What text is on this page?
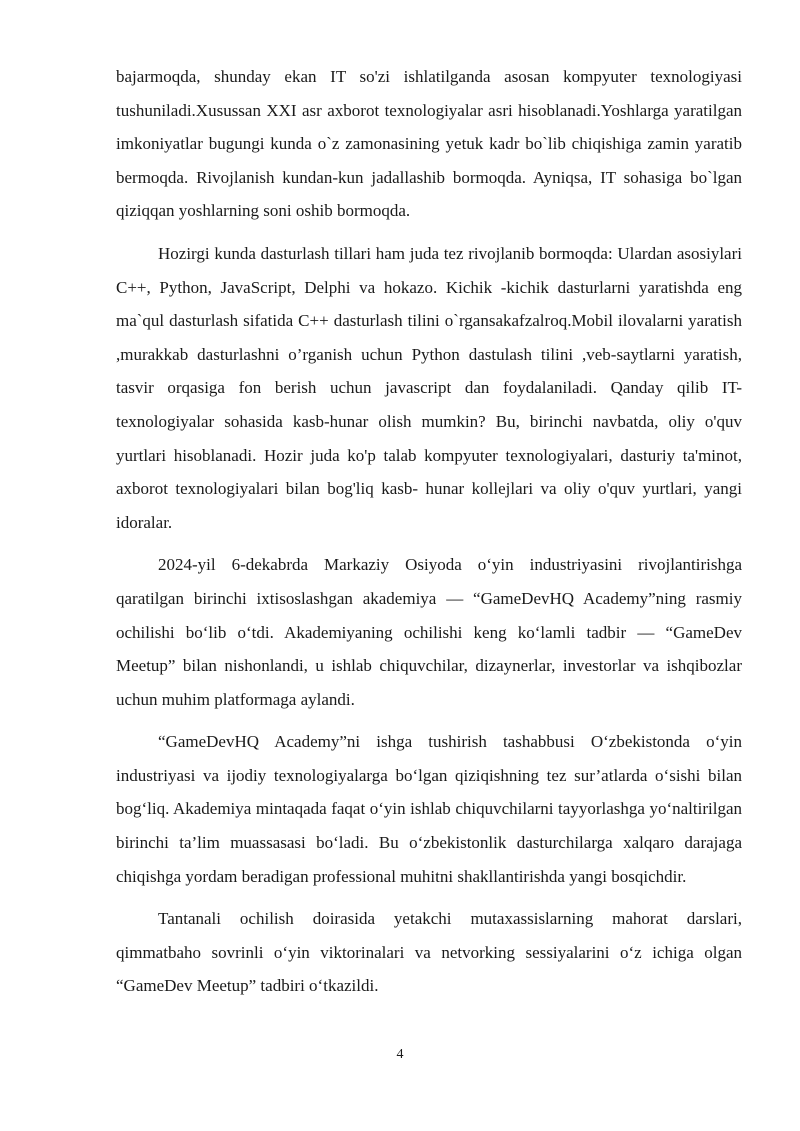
bajarmoqda, shunday ekan IT so'zi ishlatilganda asosan kompyuter texnologiyasi tushuniladi.Xusussan XXI asr axborot texnologiyalar asri hisoblanadi.Yoshlarga yaratilgan imkoniyatlar bugungi kunda o`z zamonasining yetuk kadr bo`lib chiqishiga zamin yaratib bermoqda. Rivojlanish kundan-kun jadallashib bormoqda. Ayniqsa, IT sohasiga bo`lgan qiziqqan yoshlarning soni oshib bormoqda.

Hozirgi kunda dasturlash tillari ham juda tez rivojlanib bormoqda: Ulardan asosiylari C++, Python, JavaScript, Delphi va hokazo. Kichik -kichik dasturlarni yaratishda eng ma`qul dasturlash sifatida C++ dasturlash tilini o`rgansakafzalroq.Mobil ilovalarni yaratish ,murakkab dasturlashni o’rganish uchun Python dastulash tilini ,veb-saytlarni yaratish, tasvir orqasiga fon berish uchun javascript dan foydalaniladi. Qanday qilib IT-texnologiyalar sohasida kasb-hunar olish mumkin? Bu, birinchi navbatda, oliy o'quv yurtlari hisoblanadi. Hozir juda ko'p talab kompyuter texnologiyalari, dasturiy ta'minot, axborot texnologiyalari bilan bog'liq kasb- hunar kollejlari va oliy o'quv yurtlari, yangi idoralar.

2024-yil 6-dekabrda Markaziy Osiyoda o‘yin industriyasini rivojlantirishga qaratilgan birinchi ixtisoslashgan akademiya — “GameDevHQ Academy”ning rasmiy ochilishi bo‘lib o‘tdi. Akademiyaning ochilishi keng ko‘lamli tadbir — “GameDev Meetup” bilan nishonlandi, u ishlab chiquvchilar, dizaynerlar, investorlar va ishqibozlar uchun muhim platformaga aylandi.

“GameDevHQ Academy”ni ishga tushirish tashabbusi O‘zbekistonda o‘yin industriyasi va ijodiy texnologiyalarga bo‘lgan qiziqishning tez sur’atlarda o‘sishi bilan bog‘liq. Akademiya mintaqada faqat o‘yin ishlab chiquvchilarni tayyorlashga yo‘naltirilgan birinchi ta’lim muassasasi bo‘ladi. Bu o‘zbekistonlik dasturchilarga xalqaro darajaga chiqishga yordam beradigan professional muhitni shakllantirishda yangi bosqichdir.

Tantanali ochilish doirasida yetakchi mutaxassislarning mahorat darslari, qimmatbaho sovrinli o‘yin viktorinalari va netvorking sessiyalarini o‘z ichiga olgan “GameDev Meetup” tadbiri o‘tkazildi.

4
